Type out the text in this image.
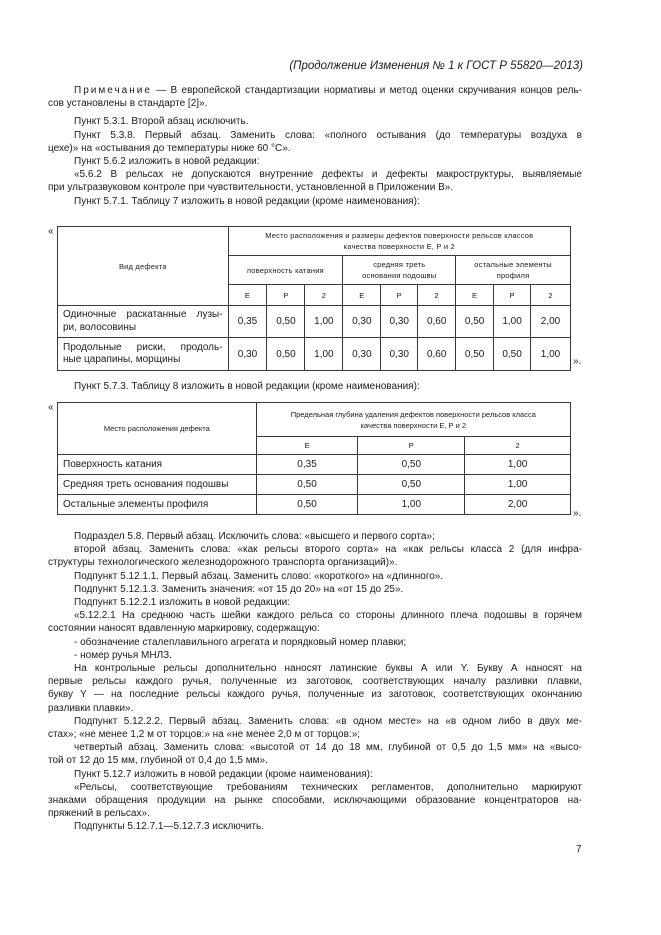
(Продолжение Изменения № 1 к ГОСТ Р 55820—2013)

Примечание — В европейской стандартизации нормативы и метод оценки скручивания концов рель-

сов установлены в стандарте [2]».

Пункт 5.3.1. Второй абзац исключить.

Пункт 5.3.8. Первый абзац. Заменить слова: «полного остывания (до температуры воздуха в

цехе)» на «остывания до температуры ниже 60 °С».

Пункт 5.6.2 изложить в новой редакции:

«5.6.2 В рельсах не допускаются внутренние дефекты и дефекты макроструктуры, выявляемые

при ультразвуковом контроле при чувствительности, установленной в Приложении В».

Пункт 5.7.1. Таблицу 7 изложить в новой редакции (кроме наименования):

«
Вид дефекта	Место расположения и размеры дефектов поверхности рельсов классов
качества поверхности Е, Р и 2								
	поверхность катания			средняя треть
основания подошвы			остальные элементы
профиля		
	Е	Р	2	Е	Р	2	Е	Р	2

Одиночные раскатанные лузы-
ри, волосовины	0,35	0,50	1,00	0,30	0,30	0,60	0,50	1,00	2,00

Продольные риски, продоль-
ные царапины, морщины	0,30	0,50	1,00	0,30	0,30	0,60	0,50	0,50	1,00
».

Пункт 5.7.3. Таблицу 8 изложить в новой редакции (кроме наименования):

«
Место расположения дефекта	Предельная глубина удаления дефектов поверхности рельсов класса
качества поверхности Е, Р и 2		
	Е	Р	2
Поверхность катания	0,35	0,50	1,00
Средняя треть основания подошвы	0,50	0,50	1,00
Остальные элементы профиля	0,50	1,00	2,00
».

Подраздел 5.8. Первый абзац. Исключить слова: «высшего и первого сорта»;

второй абзац. Заменить слова: «как рельсы второго сорта» на «как рельсы класса 2 (для инфра-

структуры технологического железнодорожного транспорта организаций)».

Подпункт 5.12.1.1. Первый абзац. Заменить слово: «короткого» на «длинного».

Подпункт 5.12.1.3. Заменить значения: «от 15 до 20» на «от 15 до 25».

Подпункт 5.12.2.1 изложить в новой редакции:

«5.12.2.1 На среднюю часть шейки каждого рельса со стороны длинного плеча подошвы в горячем

состоянии наносят вдавленную маркировку, содержащую:

- обозначение сталеплавильного агрегата и порядковый номер плавки;

- номер ручья МНЛЗ.

На контрольные рельсы дополнительно наносят латинские буквы А или Y. Букву А наносят на

первые рельсы каждого ручья, полученные из заготовок, соответствующих началу разливки плавки,

букву Y — на последние рельсы каждого ручья, полученные из заготовок, соответствующих окончанию

разливки плавки».

Подпункт 5.12.2.2. Первый абзац. Заменить слова: «в одном месте» на «в одном либо в двух ме-

стах»; «не менее 1,2 м от торцов:» на «не менее 2,0 м от торцов:»;

четвертый абзац. Заменить слова: «высотой от 14 до 18 мм, глубиной от 0,5 до 1,5 мм» на «высо-

той от 12 до 15 мм, глубиной от 0,4 до 1,5 мм».

Пункт 5.12.7 изложить в новой редакции (кроме наименования):

«Рельсы, соответствующие требованиям технических регламентов, дополнительно маркируют

знаками обращения продукции на рынке способами, исключающими образование концентраторов на-

пряжений в рельсах».

Подпункты 5.12.7.1—5.12.7.3 исключить.

7
